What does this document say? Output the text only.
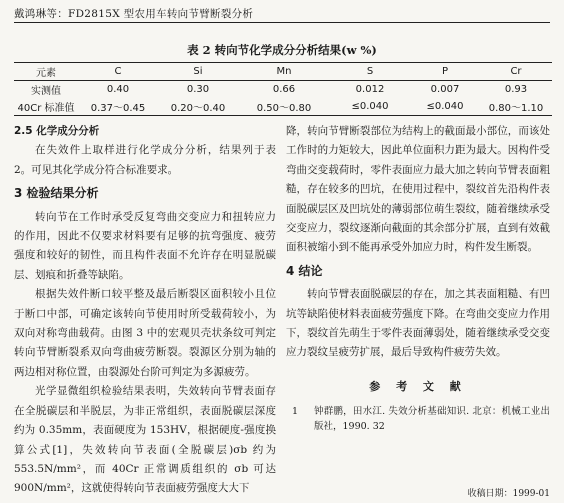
戴鸿琳等：FD2815X 型农用车转向节臂断裂分析
表 2 转向节化学成分分析结果(w %)
元素	C	Si	Mn	S	P	Cr
实测值	0.40	0.30	0.66	0.012	0.007	0.93
40Cr 标准值	0.37～0.45	0.20～0.40	0.50～0.80	≤0.040	≤0.040	0.80～1.10
2.5 化学成分分析

在失效件上取样进行化学成分分析，结果列于表 2。可见其化学成分符合标准要求。

3 检验结果分析

转向节在工作时承受反复弯曲交变应力和扭转应力的作用，因此不仅要求材料要有足够的抗弯强度、疲劳强度和较好的韧性，而且构件表面不允许存在明显脱碳层、划痕和折叠等缺陷。

根据失效件断口较平整及最后断裂区面积较小且位于断口中部，可确定该转向节使用时所受载荷较小，为双向对称弯曲载荷。由图 3 中的宏观贝壳状条纹可判定转向节臂断裂系双向弯曲疲劳断裂。裂源区分别为轴的两边相对称位置，由裂源处台阶可判定为多源疲劳。

光学显微组织检验结果表明，失效转向节臂表面存在全脱碳层和半脱层，为非正常组织，表面脱碳层深度约为 0.35mm，表面硬度为 153HV，根据硬度-强度换算公式[1]，失效转向节表面(全脱碳层)σb 约为 553.5N/mm²，而 40Cr 正常调质组织的 σb 可达 900N/mm²，这就使得转向节表面疲劳强度大大下

降，转向节臂断裂部位为结构上的截面最小部位，而该处工作时的力矩较大，因此单位面积力距为最大。因构件受弯曲交变载荷时，零件表面应力最大加之转向节臂表面粗糙，存在较多的凹坑，在使用过程中，裂纹首先沿构件表面脱碳层区及凹坑处的薄弱部位萌生裂纹，随着继续承受交变应力，裂纹逐渐向截面的其余部分扩展，直到有效截面积被缩小到不能再承受外加应力时，构件发生断裂。

4 结论

转向节臂表面脱碳层的存在，加之其表面粗糙、有凹坑等缺陷使材料表面疲劳强度下降。在弯曲交变应力作用下，裂纹首先萌生于零件表面薄弱处，随着继续承受交变应力裂纹呈疲劳扩展，最后导致构件疲劳失效。

参 考 文 献
1	钟群鹏，田水江. 失效分析基础知识. 北京：机械工业出版社，1990. 32
收稿日期：1999-01
